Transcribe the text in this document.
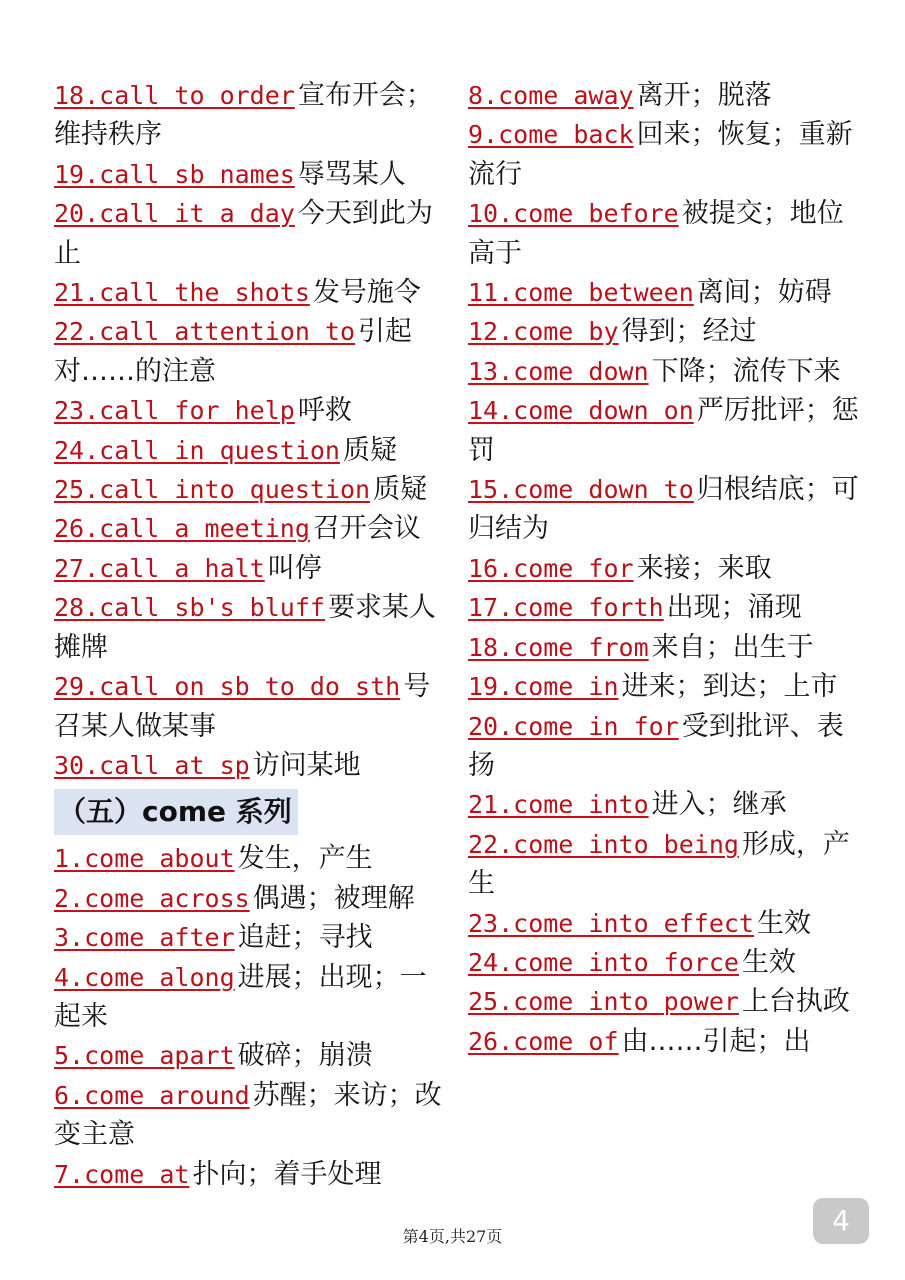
18.call to order 宣布开会；维持秩序

19.call sb names 辱骂某人

20.call it a day 今天到此为止

21.call the shots 发号施令

22.call attention to 引起对……的注意

23.call for help 呼救

24.call in question 质疑

25.call into question 质疑

26.call a meeting 召开会议

27.call a halt 叫停

28.call sb's bluff 要求某人摊牌

29.call on sb to do sth 号召某人做某事

30.call at sp 访问某地

（五）come 系列

1.come about 发生，产生

2.come across 偶遇；被理解

3.come after 追赶；寻找

4.come along 进展；出现；一起来

5.come apart 破碎；崩溃

6.come around 苏醒；来访；改变主意

7.come at 扑向；着手处理

8.come away 离开；脱落

9.come back 回来；恢复；重新流行

10.come before 被提交；地位高于

11.come between 离间；妨碍

12.come by 得到；经过

13.come down 下降；流传下来

14.come down on 严厉批评；惩罚

15.come down to 归根结底；可归结为

16.come for 来接；来取

17.come forth 出现；涌现

18.come from 来自；出生于

19.come in 进来；到达；上市

20.come in for 受到批评、表扬

21.come into 进入；继承

22.come into being 形成，产生

23.come into effect 生效

24.come into force 生效

25.come into power 上台执政

26.come of 由……引起；出

第4页,共27页	4
